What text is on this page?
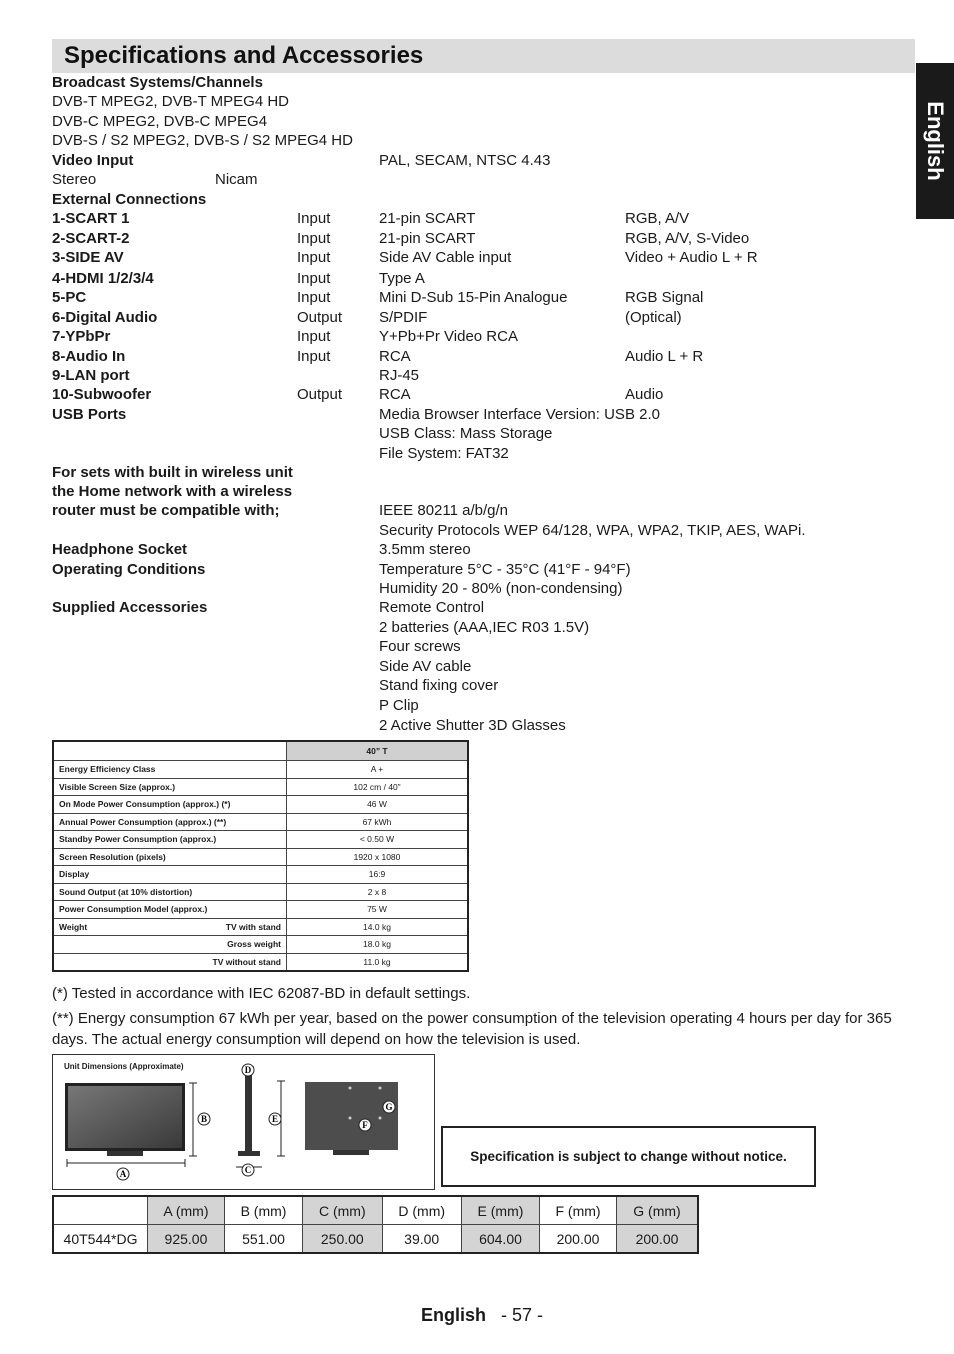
Specifications and Accessories
English
Broadcast Systems/Channels
DVB-T MPEG2, DVB-T MPEG4 HD
DVB-C MPEG2, DVB-C MPEG4
DVB-S / S2 MPEG2, DVB-S / S2 MPEG4 HD
Video Input	PAL, SECAM, NTSC 4.43
Stereo	Nicam
External Connections
1-SCART 1	Input	21-pin SCART	RGB, A/V
2-SCART-2	Input	21-pin SCART	RGB, A/V, S-Video
3-SIDE AV	Input	Side AV Cable input	Video + Audio L + R
4-HDMI 1/2/3/4	Input	Type A
5-PC	Input	Mini D-Sub 15-Pin Analogue	RGB Signal
6-Digital Audio	Output S/PDIF	(Optical)
7-YPbPr	Input	Y+Pb+Pr Video RCA
8-Audio In	Input	RCA	Audio L + R
9-LAN port	RJ-45
10-Subwoofer	Output RCA	Audio
USB Ports	Media Browser Interface Version: USB 2.0
USB Class: Mass Storage
File System: FAT32
For sets with built in wireless unit
the Home network with a wireless
router must be compatible with;	IEEE 80211 a/b/g/n
Security Protocols WEP 64/128, WPA, WPA2, TKIP, AES, WAPi.
Headphone Socket	3.5mm stereo
Operating Conditions	Temperature 5°C - 35°C (41°F - 94°F)
Humidity 20 - 80% (non-condensing)
Supplied Accessories	Remote Control
2 batteries (AAA,IEC R03 1.5V)
Four screws
Side AV cable
Stand fixing cover
P Clip
2 Active Shutter 3D Glasses
	40” T
Energy Efficiency Class	A +
Visible Screen Size (approx.)	102 cm / 40”
On Mode Power Consumption (approx.) (*)	46 W
Annual Power Consumption (approx.) (**)	67 kWh
Standby Power Consumption (approx.)	< 0.50 W
Screen Resolution (pixels)	1920 x 1080
Display	16:9
Sound Output (at 10% distortion)	2 x 8
Power Consumption Model (approx.)	75 W

Weight TV with stand	14.0 kg
Gross weight	18.0 kg
TV without stand	11.0 kg
(*) Tested in accordance with IEC 62087-BD in default settings.
(**) Energy consumption 67 kWh per year, based on the power consumption of the television operating 4 hours per day for 365 days. The actual energy consumption will depend on how the television is used.
Unit Dimensions (Approximate)
A
B
C
D
E
F
G
Specification is subject to change without notice.
	A (mm)	B (mm)	C (mm)	D (mm)	E (mm)	F (mm)	G (mm)
40T544*DG	925.00	551.00	250.00	39.00	604.00	200.00	200.00
English - 57 -
